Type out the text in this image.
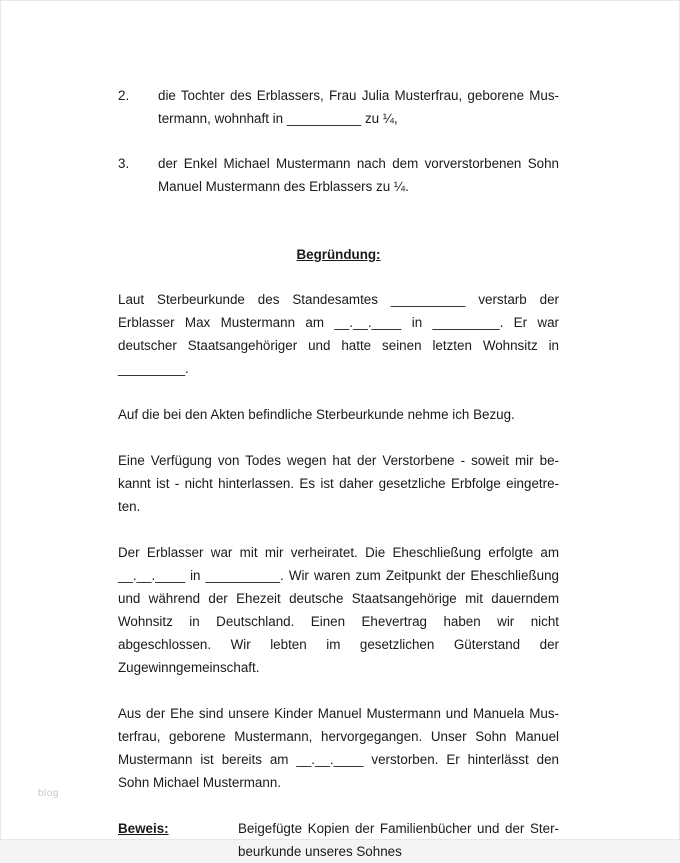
2.	die Tochter des Erblassers, Frau Julia Musterfrau, geborene Mustermann, wohnhaft in __________ zu ¼,
3.	der Enkel Michael Mustermann nach dem vorverstorbenen Sohn Manuel Mustermann des Erblassers zu ¼.
Begründung:

Laut Sterbeurkunde des Standesamtes __________ verstarb der Erblasser Max Mustermann am __.__.____ in _________. Er war deutscher Staatsangehöriger und hatte seinen letzten Wohnsitz in _________.

Auf die bei den Akten befindliche Sterbeurkunde nehme ich Bezug.

Eine Verfügung von Todes wegen hat der Verstorbene - soweit mir bekannt ist - nicht hinterlassen. Es ist daher gesetzliche Erbfolge eingetreten.

Der Erblasser war mit mir verheiratet. Die Eheschließung erfolgte am __.__.____ in __________. Wir waren zum Zeitpunkt der Eheschließung und während der Ehezeit deutsche Staatsangehörige mit dauerndem Wohnsitz in Deutschland. Einen Ehevertrag haben wir nicht abgeschlossen. Wir lebten im gesetzlichen Güterstand der Zugewinngemeinschaft.

Aus der Ehe sind unsere Kinder Manuel Mustermann und Manuela Musterfrau, geborene Mustermann, hervorgegangen. Unser Sohn Manuel Mustermann ist bereits am __.__.____ verstorben. Er hinterlässt den Sohn Michael Mustermann.

Beweis:	Beigefügte Kopien der Familienbücher und der Sterbeurkunde unseres Sohnes
blog
